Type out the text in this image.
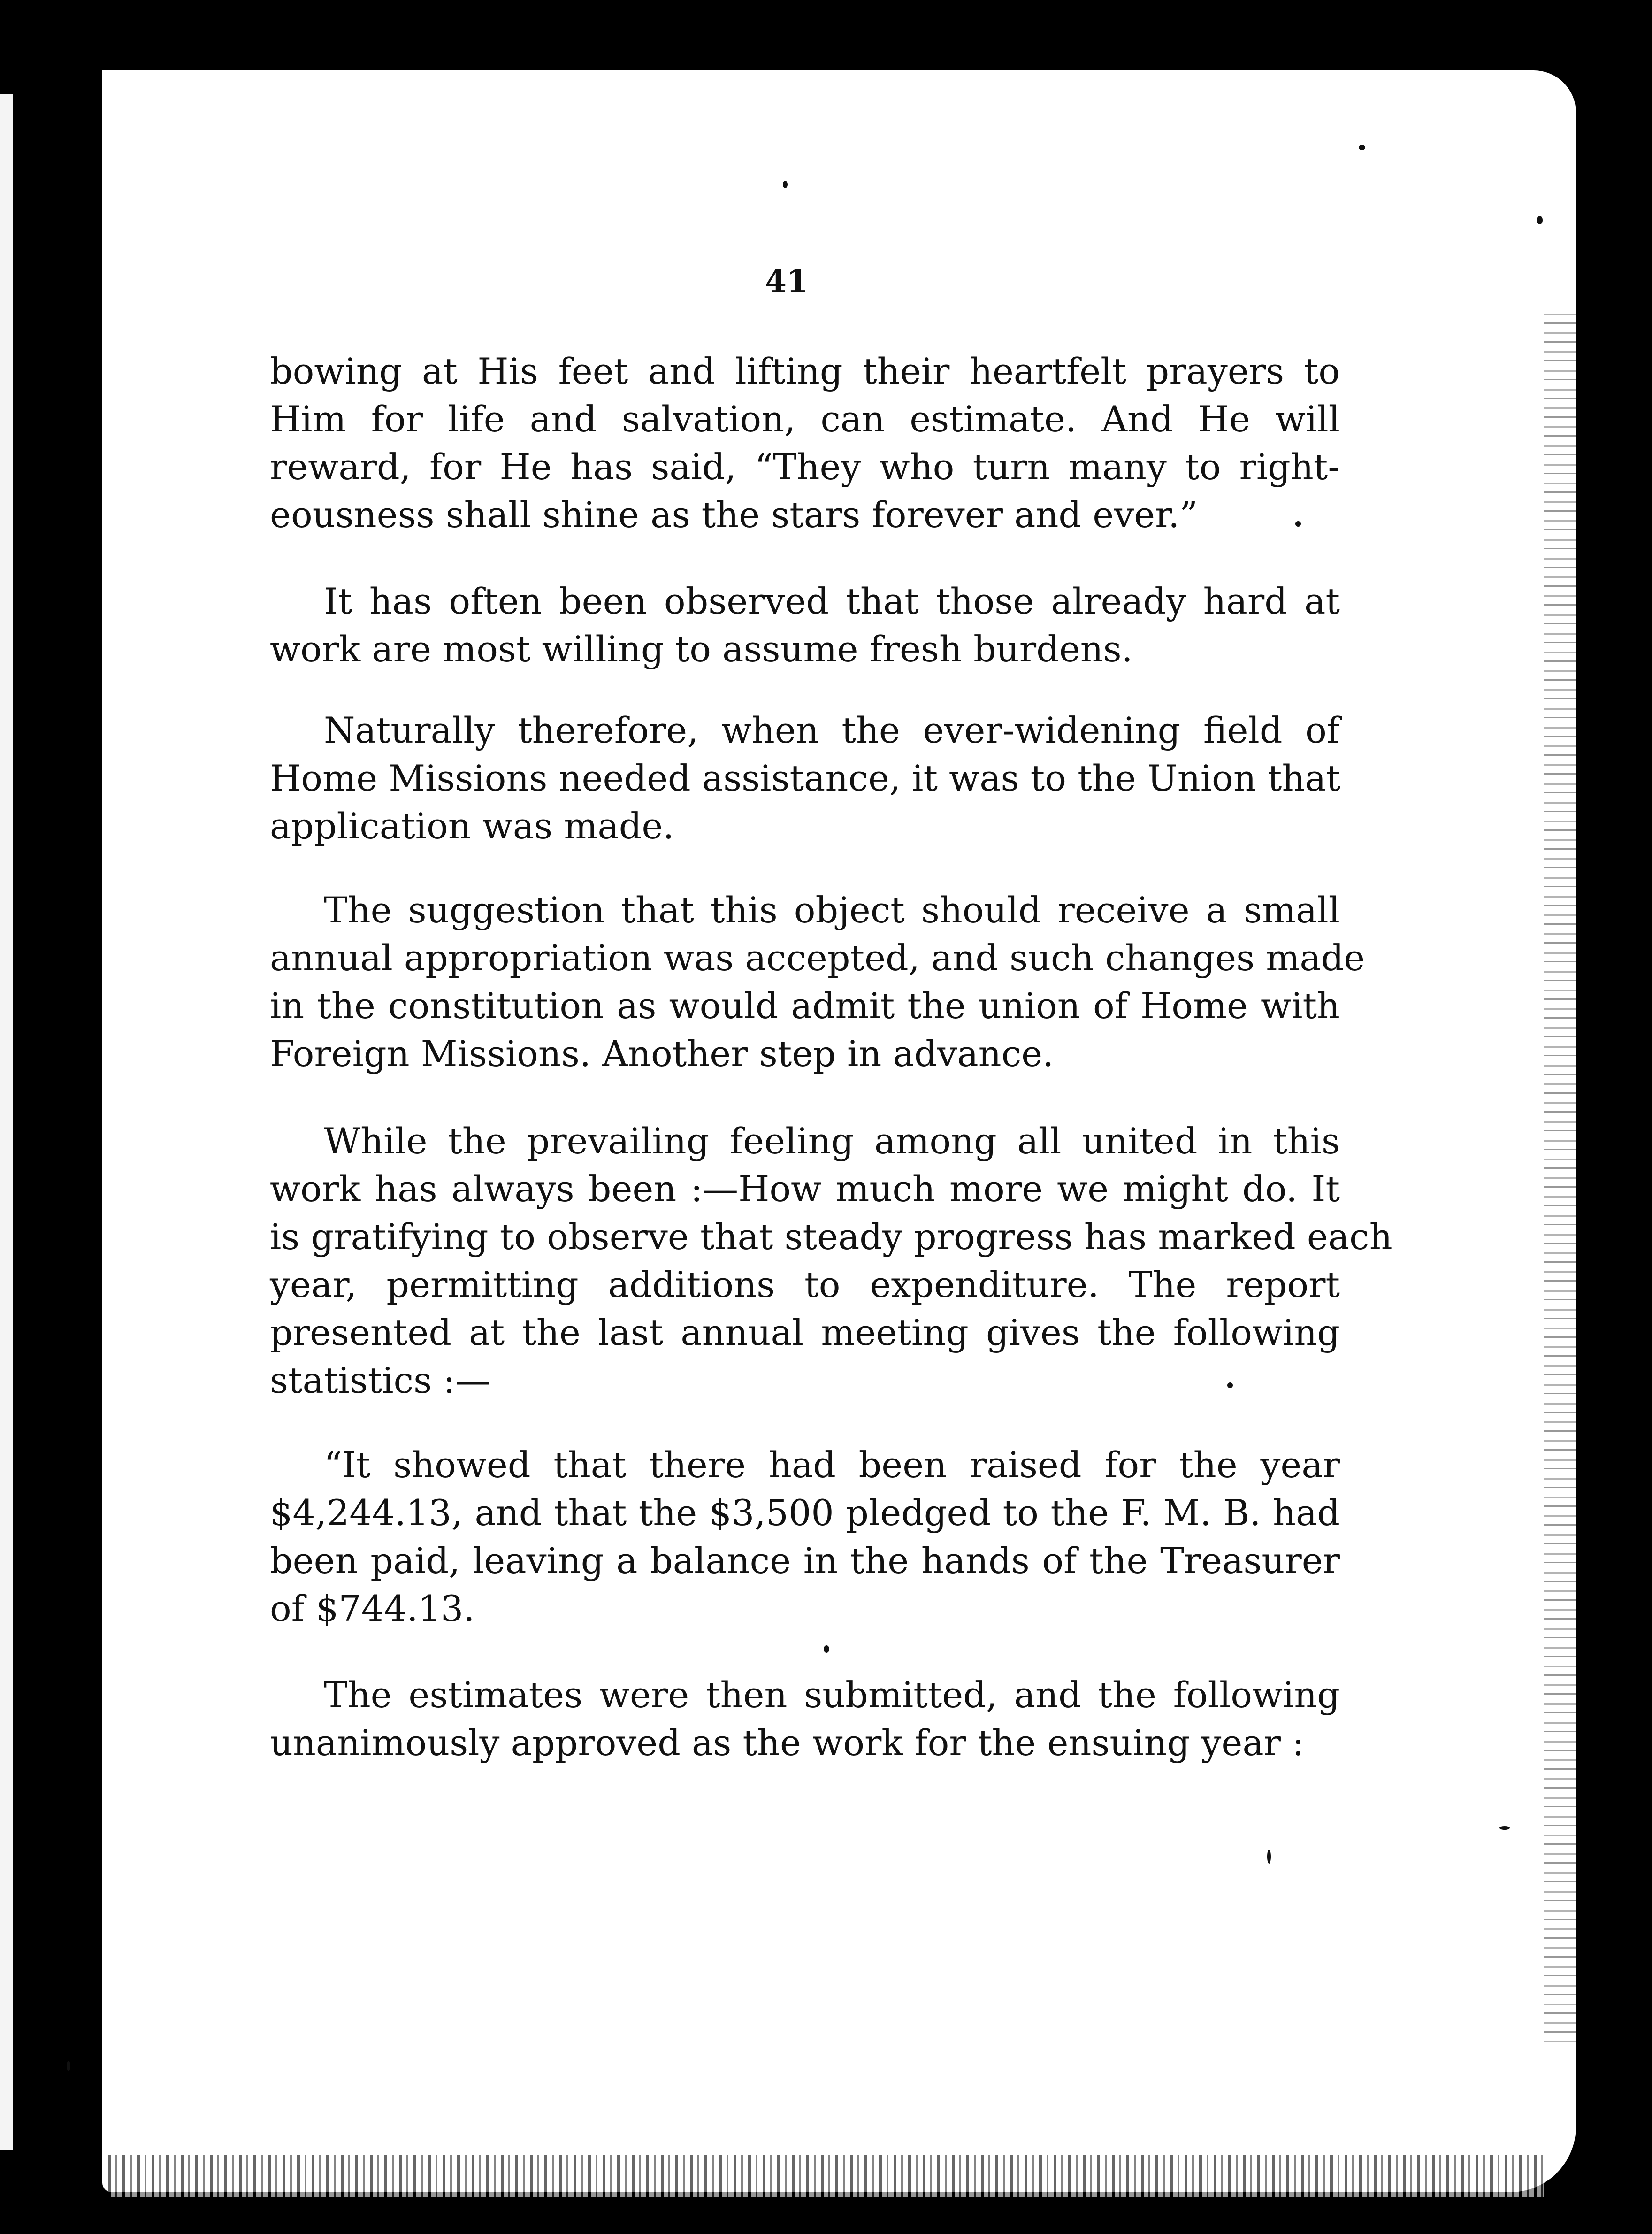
41
bowing at His feet and lifting their heartfelt prayers to
Him for life and salvation, can estimate. And He will
reward, for He has said, “They who turn many to right-
eousness shall shine as the stars forever and ever.”
It has often been observed that those already hard at
work are most willing to assume fresh burdens.
Naturally therefore, when the ever-widening field of
Home Missions needed assistance, it was to the Union that
application was made.
The suggestion that this object should receive a small
annual appropriation was accepted, and such changes made
in the constitution as would admit the union of Home with
Foreign Missions. Another step in advance.
While the prevailing feeling among all united in this
work has always been :—How much more we might do. It
is gratifying to observe that steady progress has marked each
year, permitting additions to expenditure. The report
presented at the last annual meeting gives the following
statistics :—
“It showed that there had been raised for the year
$4,244.13, and that the $3,500 pledged to the F. M. B. had
been paid, leaving a balance in the hands of the Treasurer
of $744.13.
The estimates were then submitted, and the following
unanimously approved as the work for the ensuing year :
